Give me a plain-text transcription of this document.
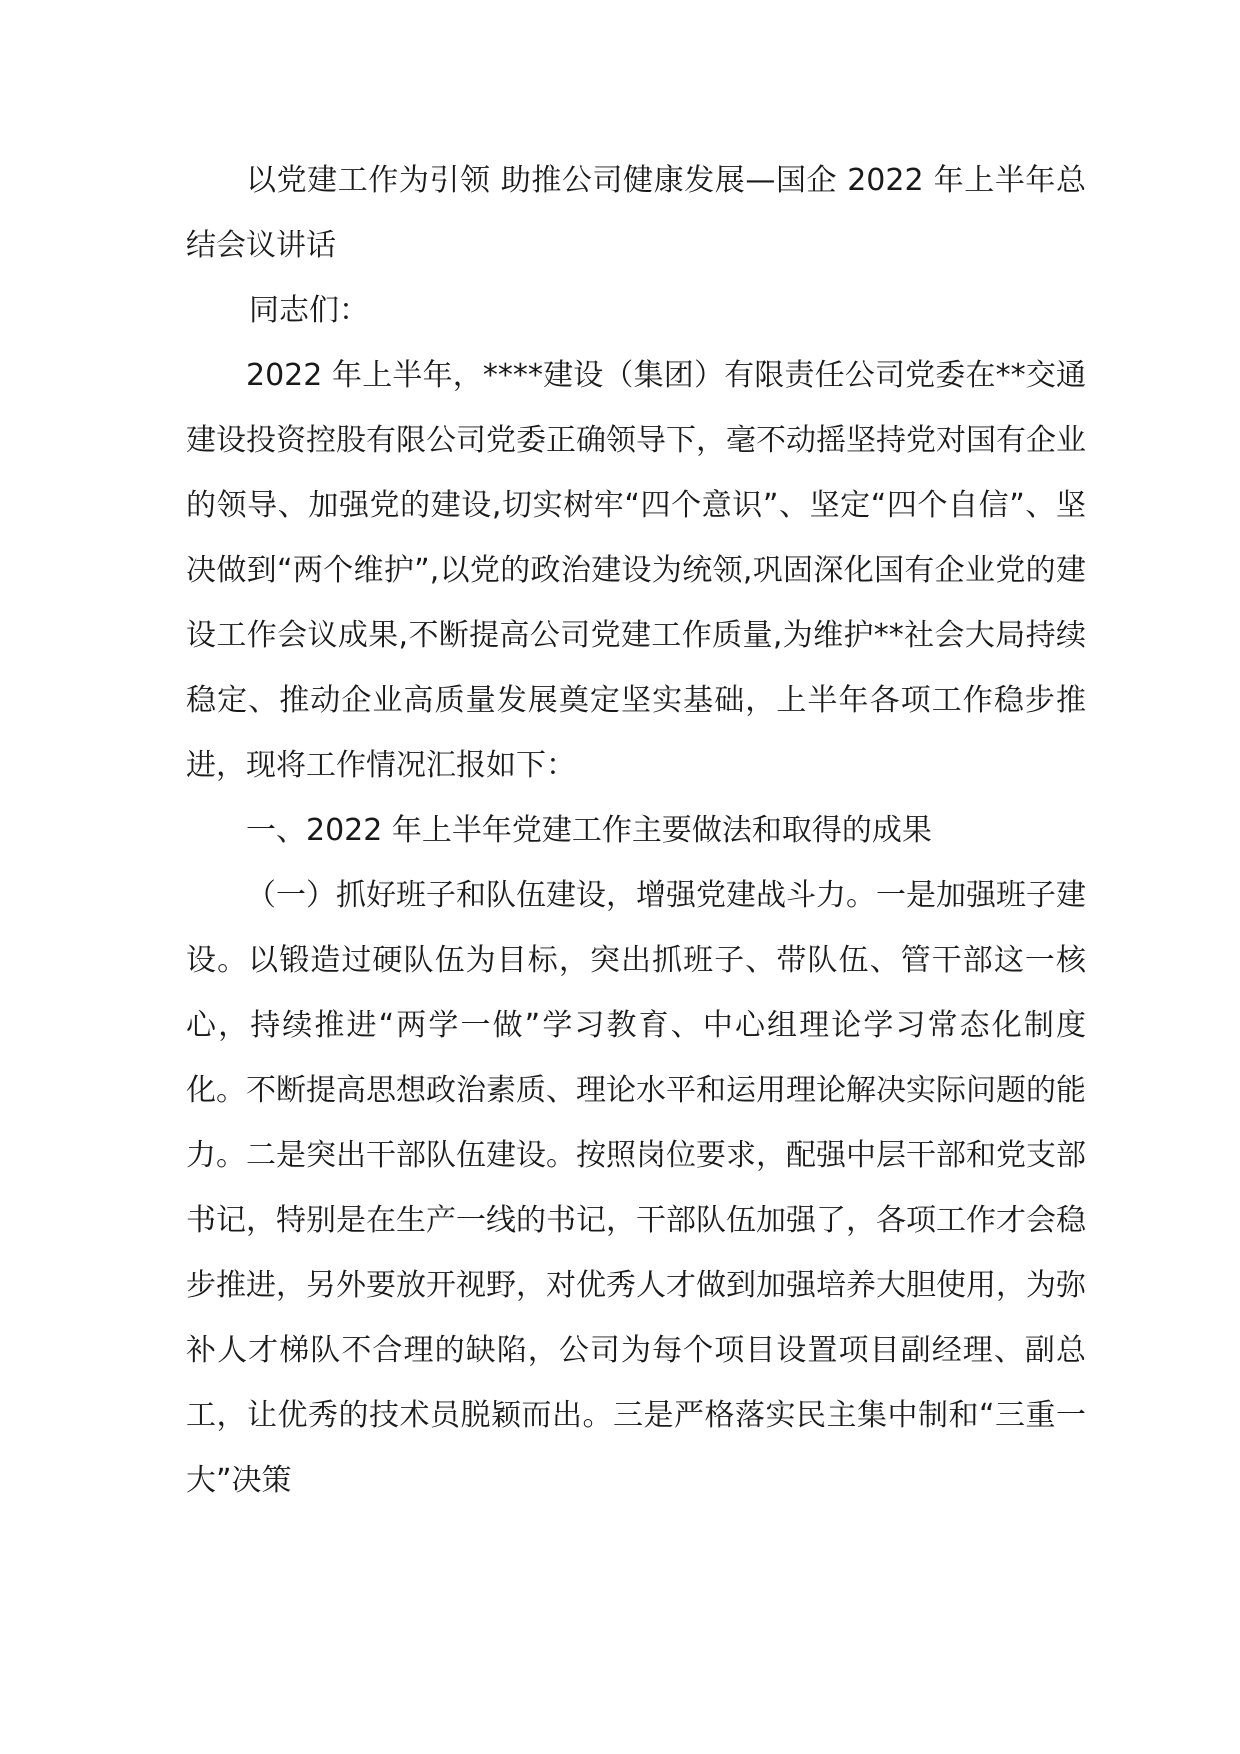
以党建工作为引领 助推公司健康发展—国企 2022 年上半年总结会议讲话

同志们：

2022 年上半年，****建设（集团）有限责任公司党委在**交通建设投资控股有限公司党委正确领导下，毫不动摇坚持党对国有企业的领导、加强党的建设,切实树牢“四个意识”、坚定“四个自信”、坚决做到“两个维护”,以党的政治建设为统领,巩固深化国有企业党的建设工作会议成果,不断提高公司党建工作质量,为维护**社会大局持续稳定、推动企业高质量发展奠定坚实基础，上半年各项工作稳步推进，现将工作情况汇报如下：

一、2022 年上半年党建工作主要做法和取得的成果

（一）抓好班子和队伍建设，增强党建战斗力。一是加强班子建设。以锻造过硬队伍为目标，突出抓班子、带队伍、管干部这一核心，持续推进“两学一做”学习教育、中心组理论学习常态化制度化。不断提高思想政治素质、理论水平和运用理论解决实际问题的能力。二是突出干部队伍建设。按照岗位要求，配强中层干部和党支部书记，特别是在生产一线的书记，干部队伍加强了，各项工作才会稳步推进，另外要放开视野，对优秀人才做到加强培养大胆使用，为弥补人才梯队不合理的缺陷，公司为每个项目设置项目副经理、副总工，让优秀的技术员脱颖而出。三是严格落实民主集中制和“三重一大”决策
